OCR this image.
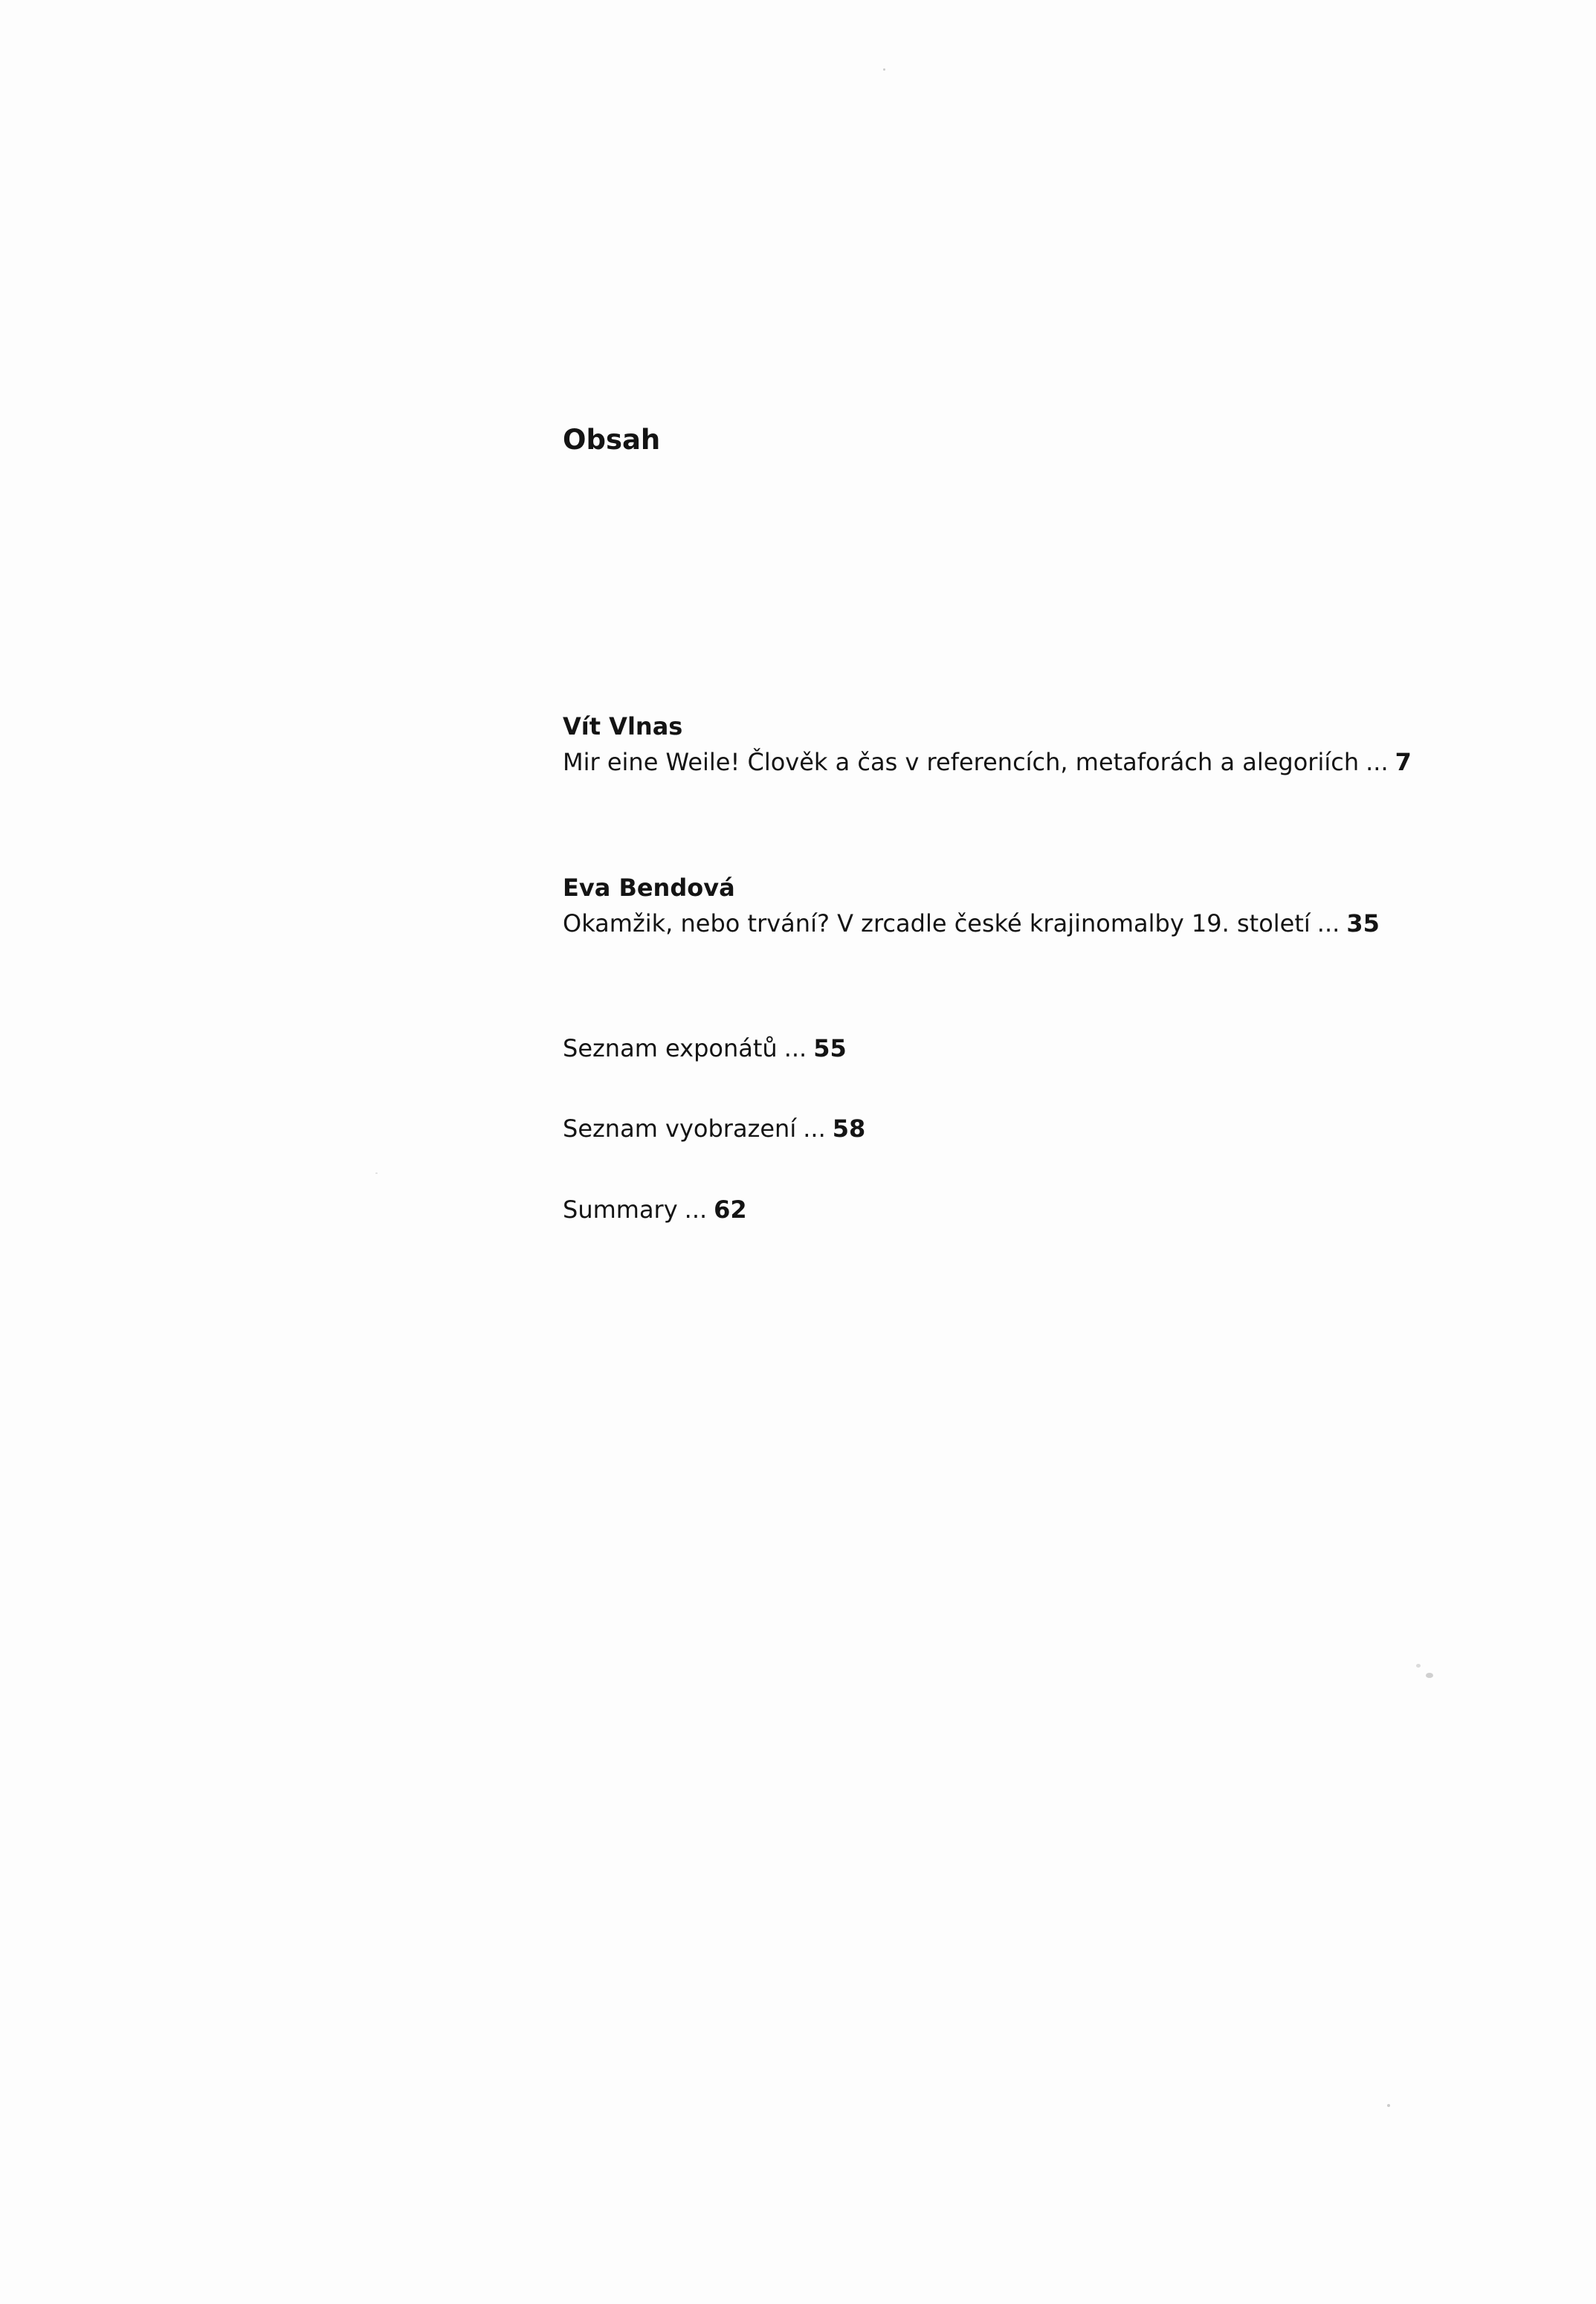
Obsah
Vít Vlnas
Mir eine Weile! Člověk a čas v referencích, metaforách a alegoriích ... 7
Eva Bendová
Okamžik, nebo trvání? V zrcadle české krajinomalby 19. století ... 35
Seznam exponátů ... 55
Seznam vyobrazení ... 58
Summary ... 62
